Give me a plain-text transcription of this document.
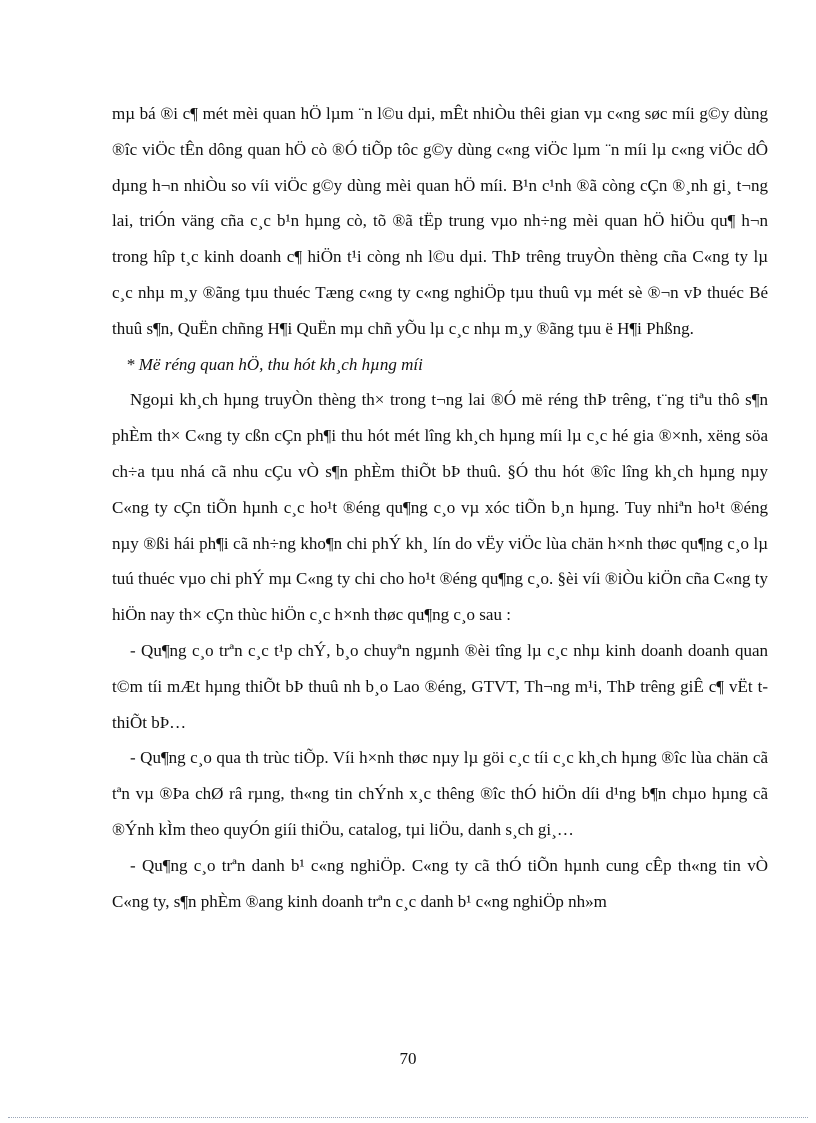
mµ bá ®i c¶ mét mèi quan hÖ lµm ¨n l©u dµi, mÊt nhiÒu thêi gian vµ c«ng søc míi g©y dùng ®îc viÖc tÊn dông quan hÖ cò ®Ó tiÕp tôc g©y dùng c«ng viÖc lµm ¨n míi lµ c«ng viÖc dÔ dµng h¬n nhiÒu so víi viÖc g©y dùng mèi quan hÖ míi. B¹n c¹nh ®ã còng cÇn ®¸nh gi¸ t¬ng lai, triÓn väng cña c¸c b¹n hµng cò, tõ ®ã tËp trung vµo nh÷ng mèi quan hÖ hiÖu qu¶ h¬n trong hîp t¸c kinh doanh c¶ hiÖn t¹i còng nh l©u dµi. ThÞ trêng truyÒn thèng cña C«ng ty lµ c¸c nhµ m¸y ®ãng tµu thuéc Tæng c«ng ty c«ng nghiÖp tµu thuû vµ mét sè ®¬n vÞ thuéc Bé thuû s¶n, QuËn chñng H¶i QuËn mµ chñ yÕu lµ c¸c nhµ m¸y ®ãng tµu ë H¶i Phßng.

* Më réng quan hÖ, thu hót kh¸ch hµng míi

Ngoµi kh¸ch hµng truyÒn thèng th× trong t¬ng lai ®Ó më réng thÞ trêng, t¨ng tiªu thô s¶n phÈm th× C«ng ty cßn cÇn ph¶i thu hót mét lîng kh¸ch hµng míi lµ c¸c hé gia ®×nh, xëng söa ch÷a tµu nhá cã nhu cÇu vÒ s¶n phÈm thiÕt bÞ thuû. §Ó thu hót ®îc lîng kh¸ch hµng nµy C«ng ty cÇn tiÕn hµnh c¸c ho¹t ®éng qu¶ng c¸o vµ xóc tiÕn b¸n hµng. Tuy nhiªn ho¹t ®éng nµy ®ßi hái ph¶i cã nh÷ng kho¶n chi phÝ kh¸ lín do vËy viÖc lùa chän h×nh thøc qu¶ng c¸o lµ tuú thuéc vµo chi phÝ mµ C«ng ty chi cho ho¹t ®éng qu¶ng c¸o. §èi víi ®iÒu kiÖn cña C«ng ty hiÖn nay th× cÇn thùc hiÖn c¸c h×nh thøc qu¶ng c¸o sau :

- Qu¶ng c¸o trªn c¸c t¹p chÝ, b¸o chuyªn ngµnh ®èi tîng lµ c¸c nhµ kinh doanh doanh quan t©m tíi mÆt hµng thiÕt bÞ thuû nh b¸o Lao ®éng, GTVT, Th¬ng m¹i, ThÞ trêng giÊ c¶ vËt t thiÕt bÞ…

- Qu¶ng c¸o qua th trùc tiÕp. Víi h×nh thøc nµy lµ göi c¸c tíi c¸c kh¸ch hµng ®îc lùa chän cã tªn vµ ®Þa chØ râ rµng, th«ng tin chÝnh x¸c thêng ®îc thÓ hiÖn díi d¹ng b¶n chµo hµng cã ®Ýnh kÌm theo quyÓn giíi thiÖu, catalog, tµi liÖu, danh s¸ch gi¸…

- Qu¶ng c¸o trªn danh b¹ c«ng nghiÖp. C«ng ty cã thÓ tiÕn hµnh cung cÊp th«ng tin vÒ C«ng ty, s¶n phÈm ®ang kinh doanh trªn c¸c danh b¹ c«ng nghiÖp nh»m

70
